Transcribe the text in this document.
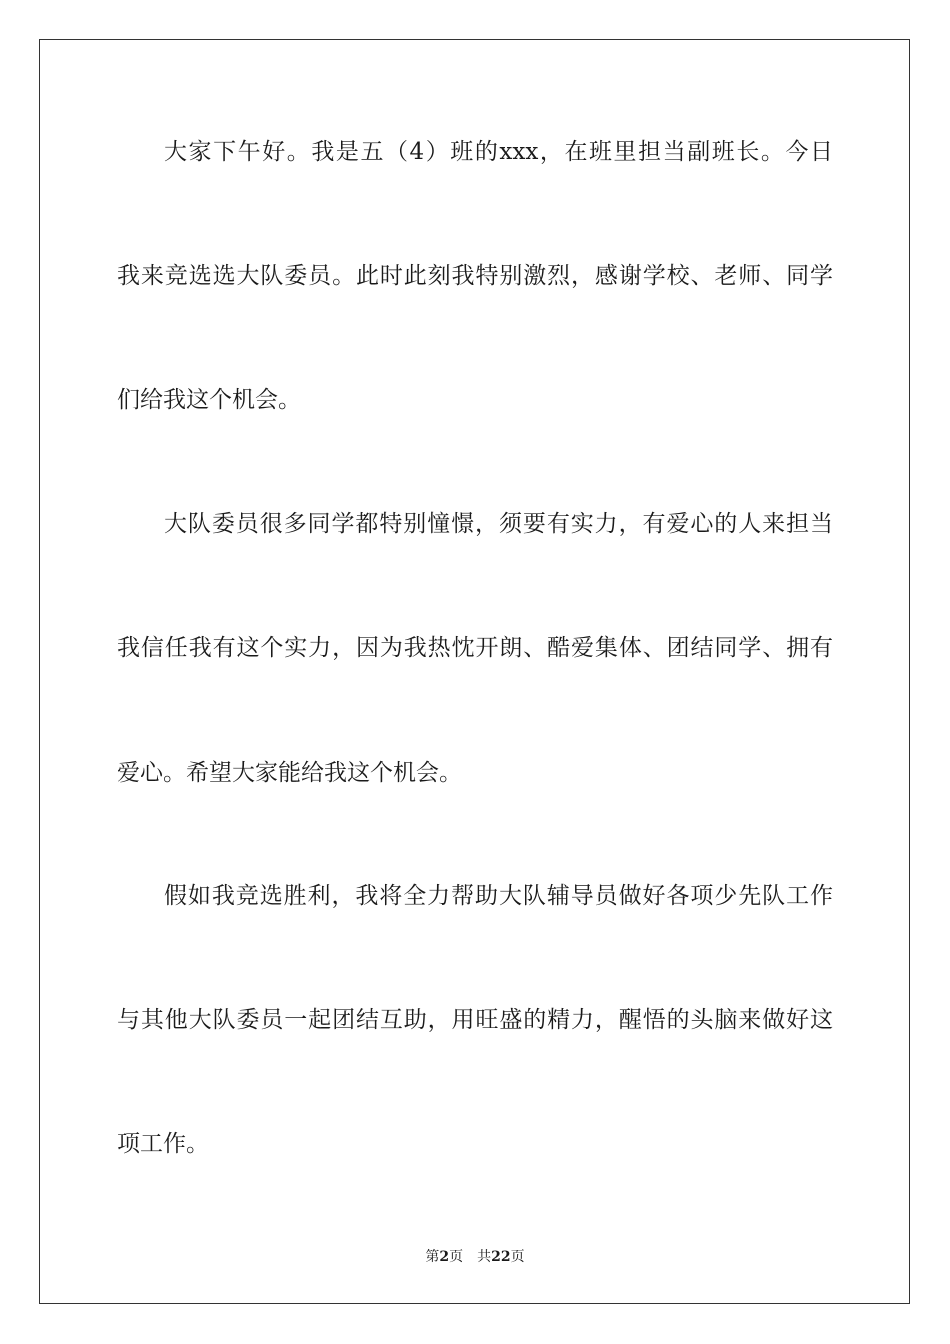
大家下午好。我是五（4）班的xxx，在班里担当副班长。今日
我来竞选选大队委员。此时此刻我特别激烈，感谢学校、老师、同学
们给我这个机会。
大队委员很多同学都特别憧憬，须要有实力，有爱心的人来担当
我信任我有这个实力，因为我热忱开朗、酷爱集体、团结同学、拥有
爱心。希望大家能给我这个机会。
假如我竞选胜利，我将全力帮助大队辅导员做好各项少先队工作
与其他大队委员一起团结互助，用旺盛的精力，醒悟的头脑来做好这
项工作。
第2页 共22页
